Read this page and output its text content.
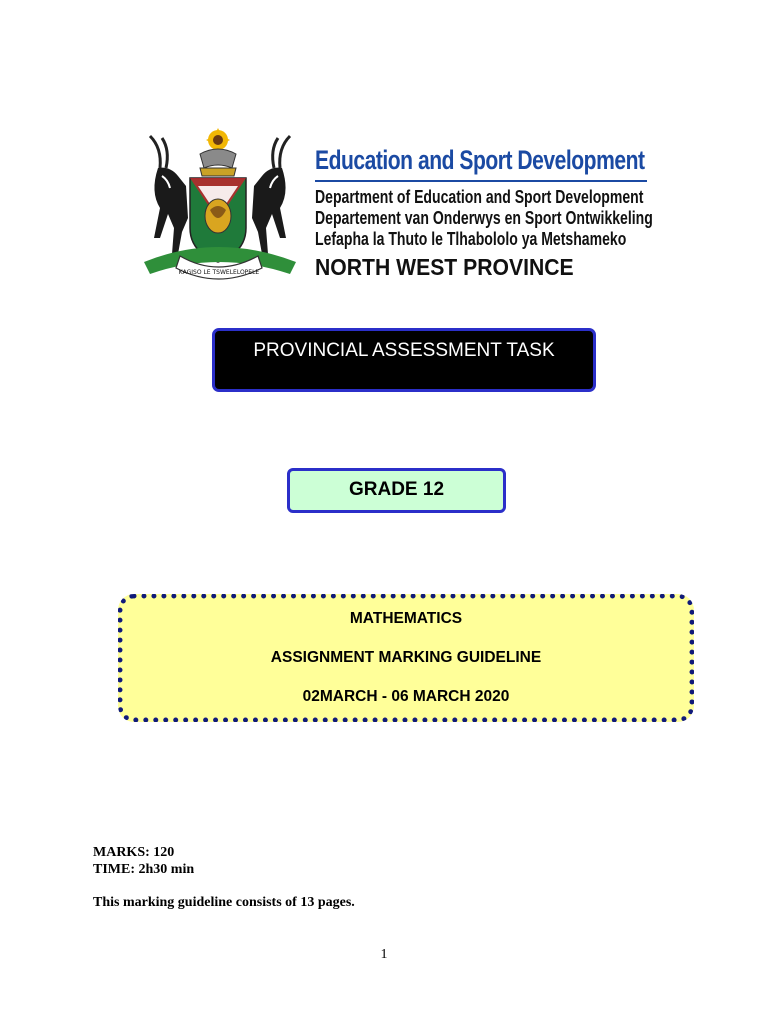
KAGISO LE TSWELELOPELE
Education and Sport Development
Department of Education and Sport Development
Departement van Onderwys en Sport Ontwikkeling
Lefapha la Thuto le Tlhabololo ya Metshameko
NORTH WEST PROVINCE
PROVINCIAL ASSESSMENT TASK
GRADE 12
MATHEMATICS
ASSIGNMENT MARKING GUIDELINE
02MARCH - 06 MARCH 2020
MARKS: 120
TIME: 2h30 min
This marking guideline consists of 13 pages.
1
